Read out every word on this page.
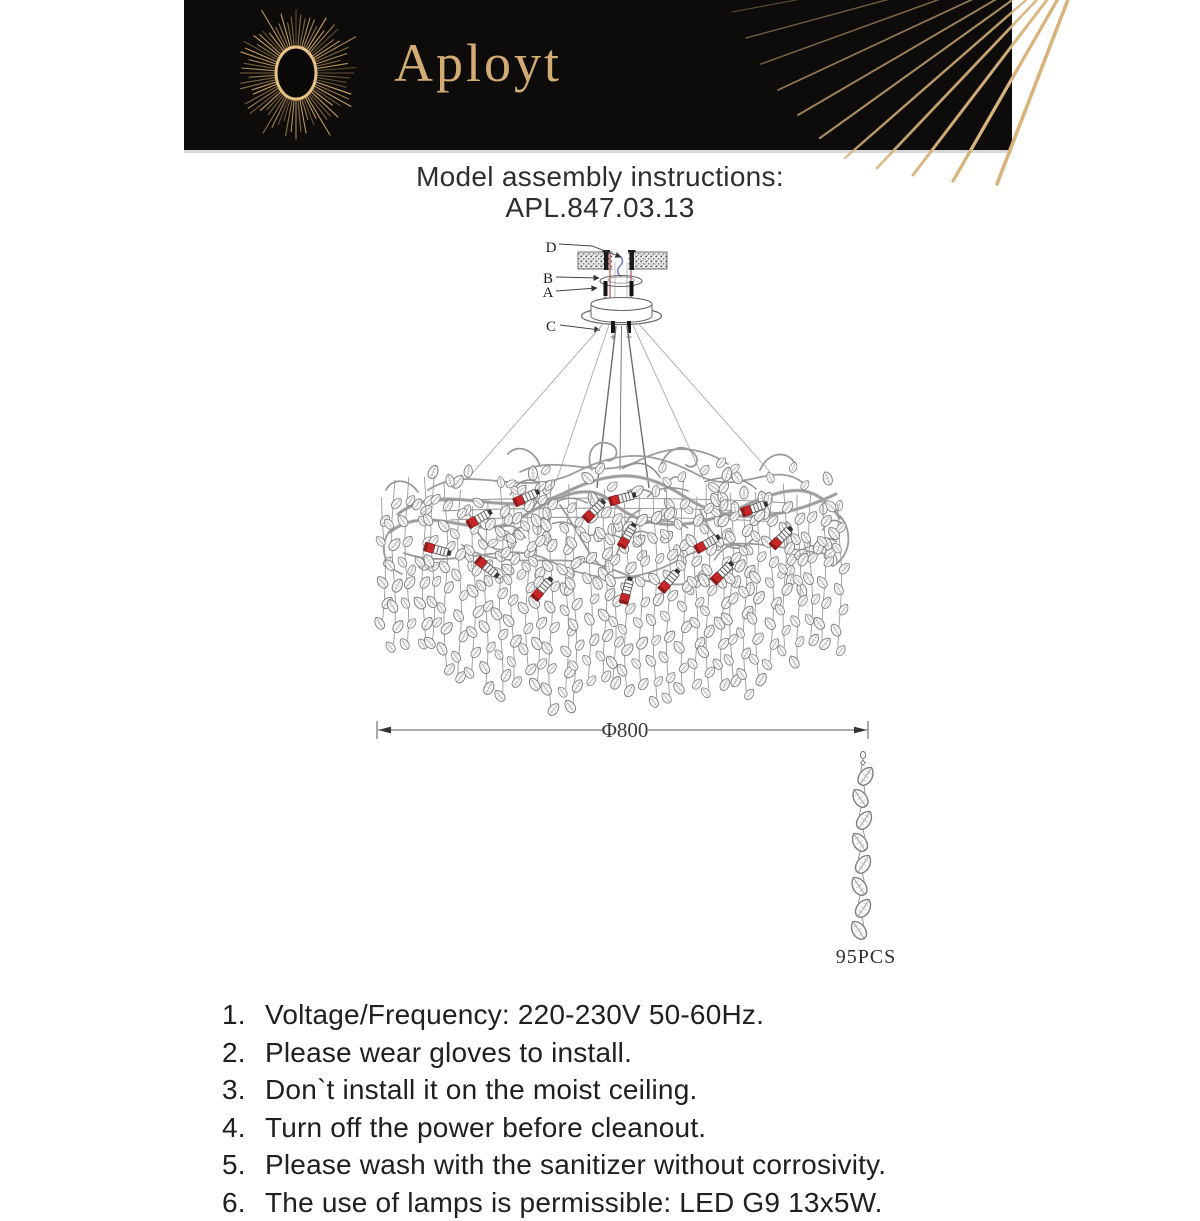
Aployt
Model assembly instructions:
APL.847.03.13
D
B
A
C
Φ800
95PCS
1. Voltage/Frequency: 220-230V 50-60Hz.
2. Please wear gloves to install.
3. Don`t install it on the moist ceiling.
4. Turn off the power before cleanout.
5. Please wash with the sanitizer without corrosivity.
6. The use of lamps is permissible: LED G9 13x5W.
